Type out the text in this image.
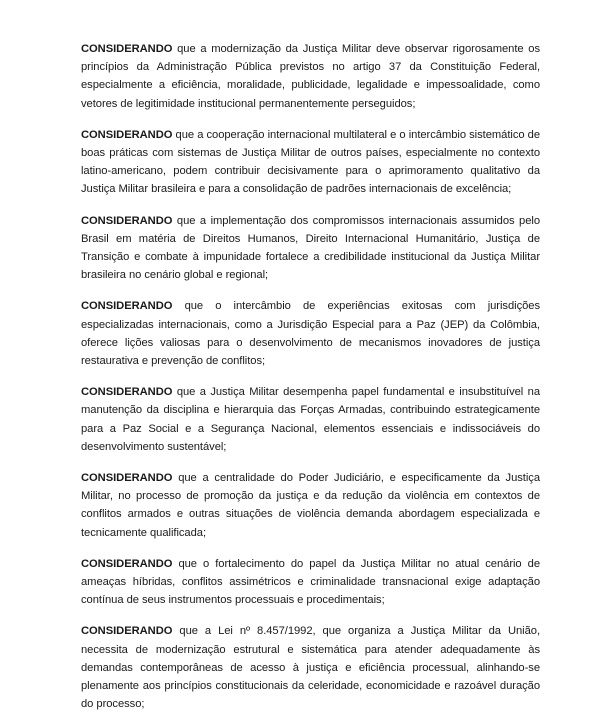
CONSIDERANDO que a modernização da Justiça Militar deve observar rigorosamente os princípios da Administração Pública previstos no artigo 37 da Constituição Federal, especialmente a eficiência, moralidade, publicidade, legalidade e impessoalidade, como vetores de legitimidade institucional permanentemente perseguidos;

CONSIDERANDO que a cooperação internacional multilateral e o intercâmbio sistemático de boas práticas com sistemas de Justiça Militar de outros países, especialmente no contexto latino-americano, podem contribuir decisivamente para o aprimoramento qualitativo da Justiça Militar brasileira e para a consolidação de padrões internacionais de excelência;

CONSIDERANDO que a implementação dos compromissos internacionais assumidos pelo Brasil em matéria de Direitos Humanos, Direito Internacional Humanitário, Justiça de Transição e combate à impunidade fortalece a credibilidade institucional da Justiça Militar brasileira no cenário global e regional;

CONSIDERANDO que o intercâmbio de experiências exitosas com jurisdições especializadas internacionais, como a Jurisdição Especial para a Paz (JEP) da Colômbia, oferece lições valiosas para o desenvolvimento de mecanismos inovadores de justiça restaurativa e prevenção de conflitos;

CONSIDERANDO que a Justiça Militar desempenha papel fundamental e insubstituível na manutenção da disciplina e hierarquia das Forças Armadas, contribuindo estrategicamente para a Paz Social e a Segurança Nacional, elementos essenciais e indissociáveis do desenvolvimento sustentável;

CONSIDERANDO que a centralidade do Poder Judiciário, e especificamente da Justiça Militar, no processo de promoção da justiça e da redução da violência em contextos de conflitos armados e outras situações de violência demanda abordagem especializada e tecnicamente qualificada;

CONSIDERANDO que o fortalecimento do papel da Justiça Militar no atual cenário de ameaças híbridas, conflitos assimétricos e criminalidade transnacional exige adaptação contínua de seus instrumentos processuais e procedimentais;

CONSIDERANDO que a Lei nº 8.457/1992, que organiza a Justiça Militar da União, necessita de modernização estrutural e sistemática para atender adequadamente às demandas contemporâneas de acesso à justiça e eficiência processual, alinhando-se plenamente aos princípios constitucionais da celeridade, economicidade e razoável duração do processo;
